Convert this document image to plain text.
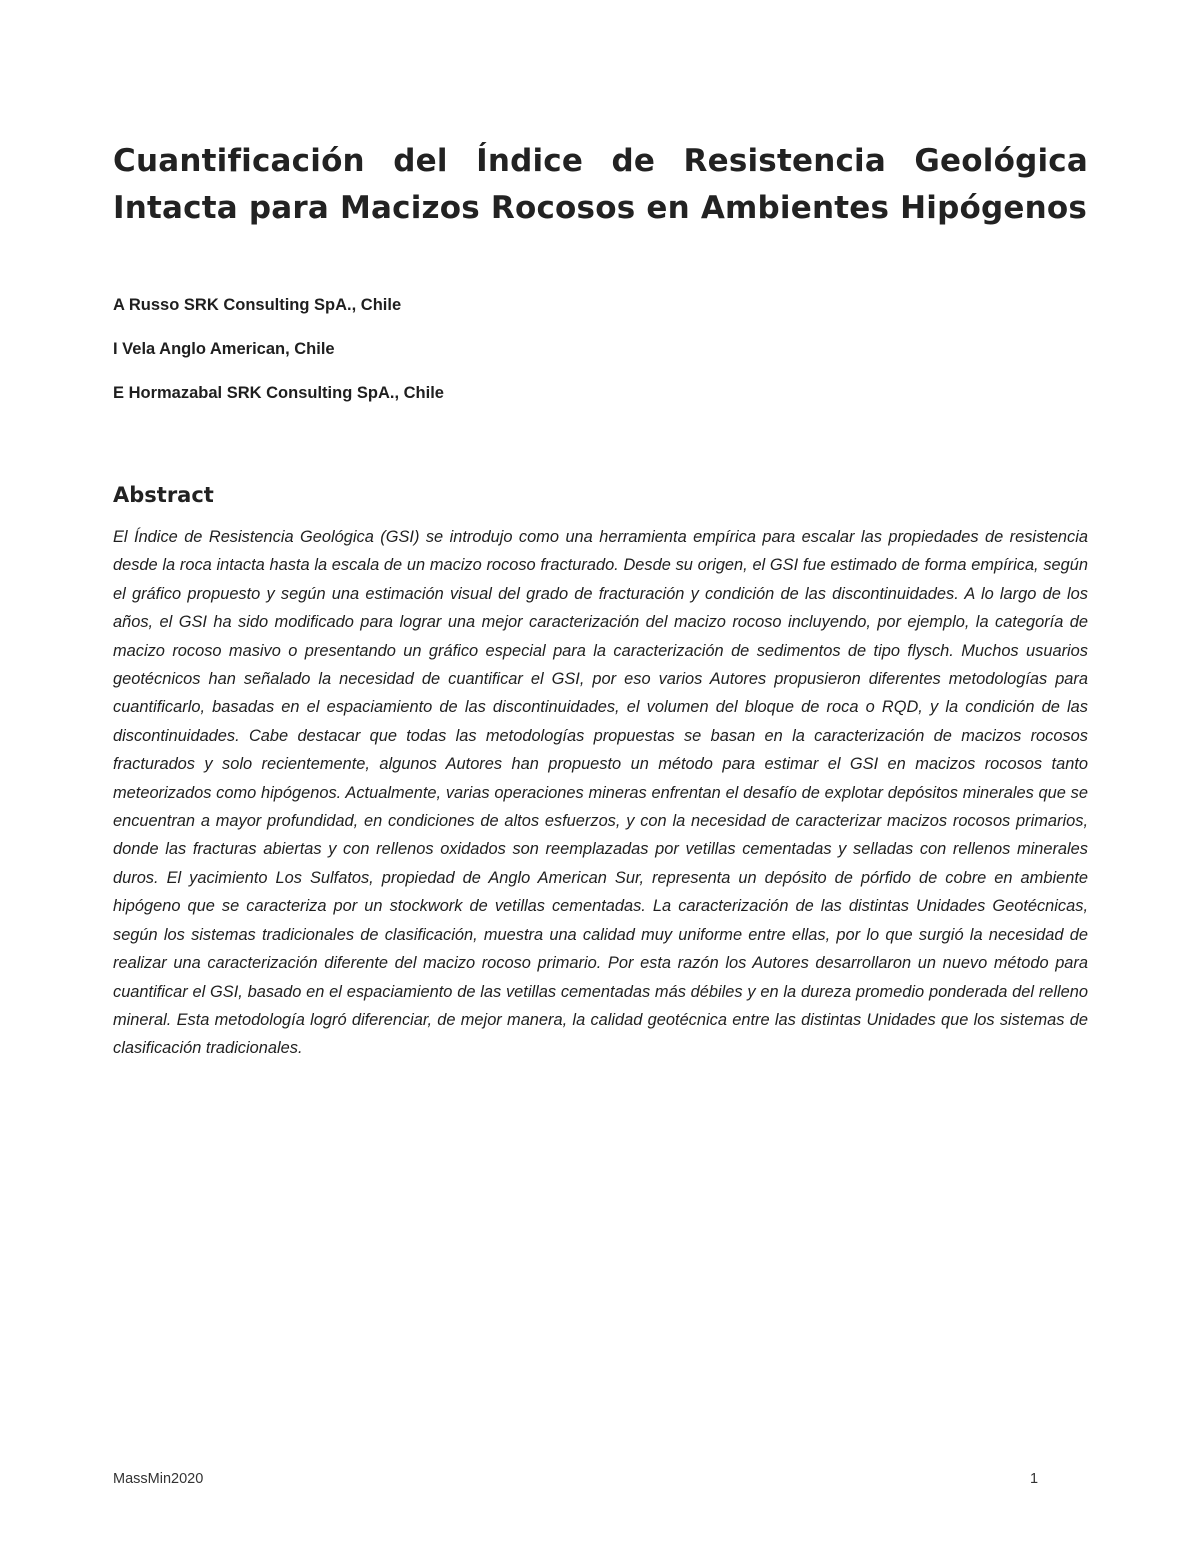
Cuantificación del Índice de Resistencia Geológica Intacta para Macizos Rocosos en Ambientes Hipógenos

A Russo SRK Consulting SpA., Chile

I Vela Anglo American, Chile

E Hormazabal SRK Consulting SpA., Chile

Abstract

El Índice de Resistencia Geológica (GSI) se introdujo como una herramienta empírica para escalar las propiedades de resistencia desde la roca intacta hasta la escala de un macizo rocoso fracturado. Desde su origen, el GSI fue estimado de forma empírica, según el gráfico propuesto y según una estimación visual del grado de fracturación y condición de las discontinuidades. A lo largo de los años, el GSI ha sido modificado para lograr una mejor caracterización del macizo rocoso incluyendo, por ejemplo, la categoría de macizo rocoso masivo o presentando un gráfico especial para la caracterización de sedimentos de tipo flysch. Muchos usuarios geotécnicos han señalado la necesidad de cuantificar el GSI, por eso varios Autores propusieron diferentes metodologías para cuantificarlo, basadas en el espaciamiento de las discontinuidades, el volumen del bloque de roca o RQD, y la condición de las discontinuidades. Cabe destacar que todas las metodologías propuestas se basan en la caracterización de macizos rocosos fracturados y solo recientemente, algunos Autores han propuesto un método para estimar el GSI en macizos rocosos tanto meteorizados como hipógenos. Actualmente, varias operaciones mineras enfrentan el desafío de explotar depósitos minerales que se encuentran a mayor profundidad, en condiciones de altos esfuerzos, y con la necesidad de caracterizar macizos rocosos primarios, donde las fracturas abiertas y con rellenos oxidados son reemplazadas por vetillas cementadas y selladas con rellenos minerales duros. El yacimiento Los Sulfatos, propiedad de Anglo American Sur, representa un depósito de pórfido de cobre en ambiente hipógeno que se caracteriza por un stockwork de vetillas cementadas. La caracterización de las distintas Unidades Geotécnicas, según los sistemas tradicionales de clasificación, muestra una calidad muy uniforme entre ellas, por lo que surgió la necesidad de realizar una caracterización diferente del macizo rocoso primario. Por esta razón los Autores desarrollaron un nuevo método para cuantificar el GSI, basado en el espaciamiento de las vetillas cementadas más débiles y en la dureza promedio ponderada del relleno mineral. Esta metodología logró diferenciar, de mejor manera, la calidad geotécnica entre las distintas Unidades que los sistemas de clasificación tradicionales.

MassMin2020	1
